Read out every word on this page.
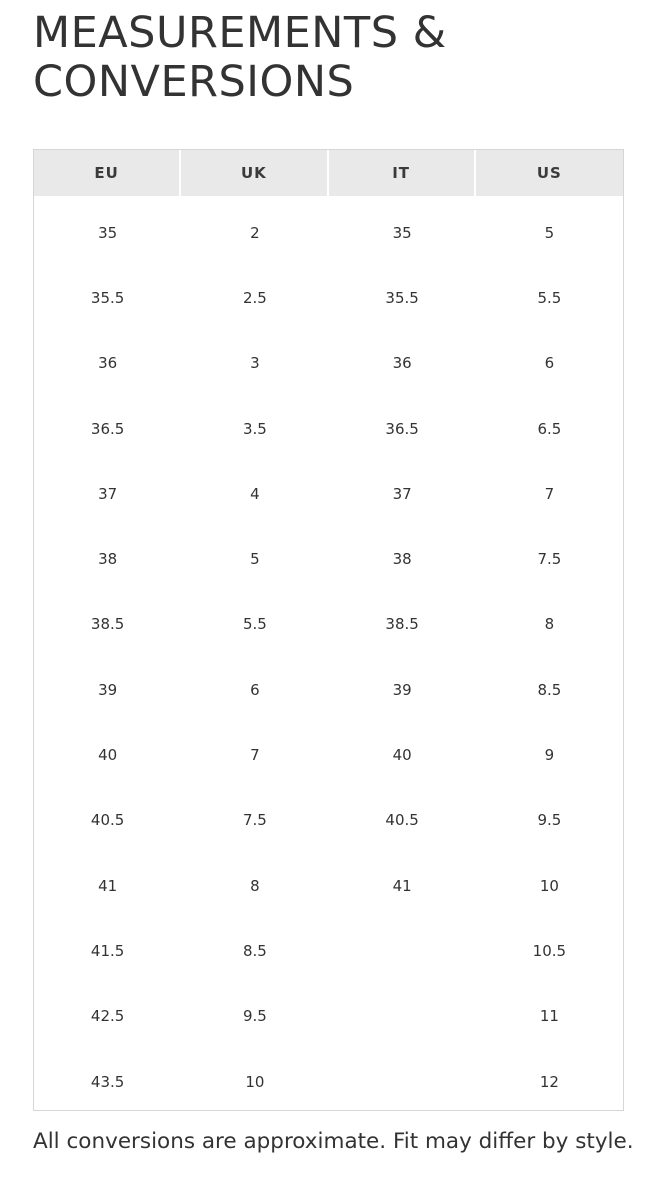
MEASUREMENTS &
CONVERSIONS
EU	UK	IT	US
35	2	35	5
35.5	2.5	35.5	5.5
36	3	36	6
36.5	3.5	36.5	6.5
37	4	37	7
38	5	38	7.5
38.5	5.5	38.5	8
39	6	39	8.5
40	7	40	9
40.5	7.5	40.5	9.5
41	8	41	10
41.5	8.5		10.5
42.5	9.5		11
43.5	10		12

All conversions are approximate. Fit may differ by style.
